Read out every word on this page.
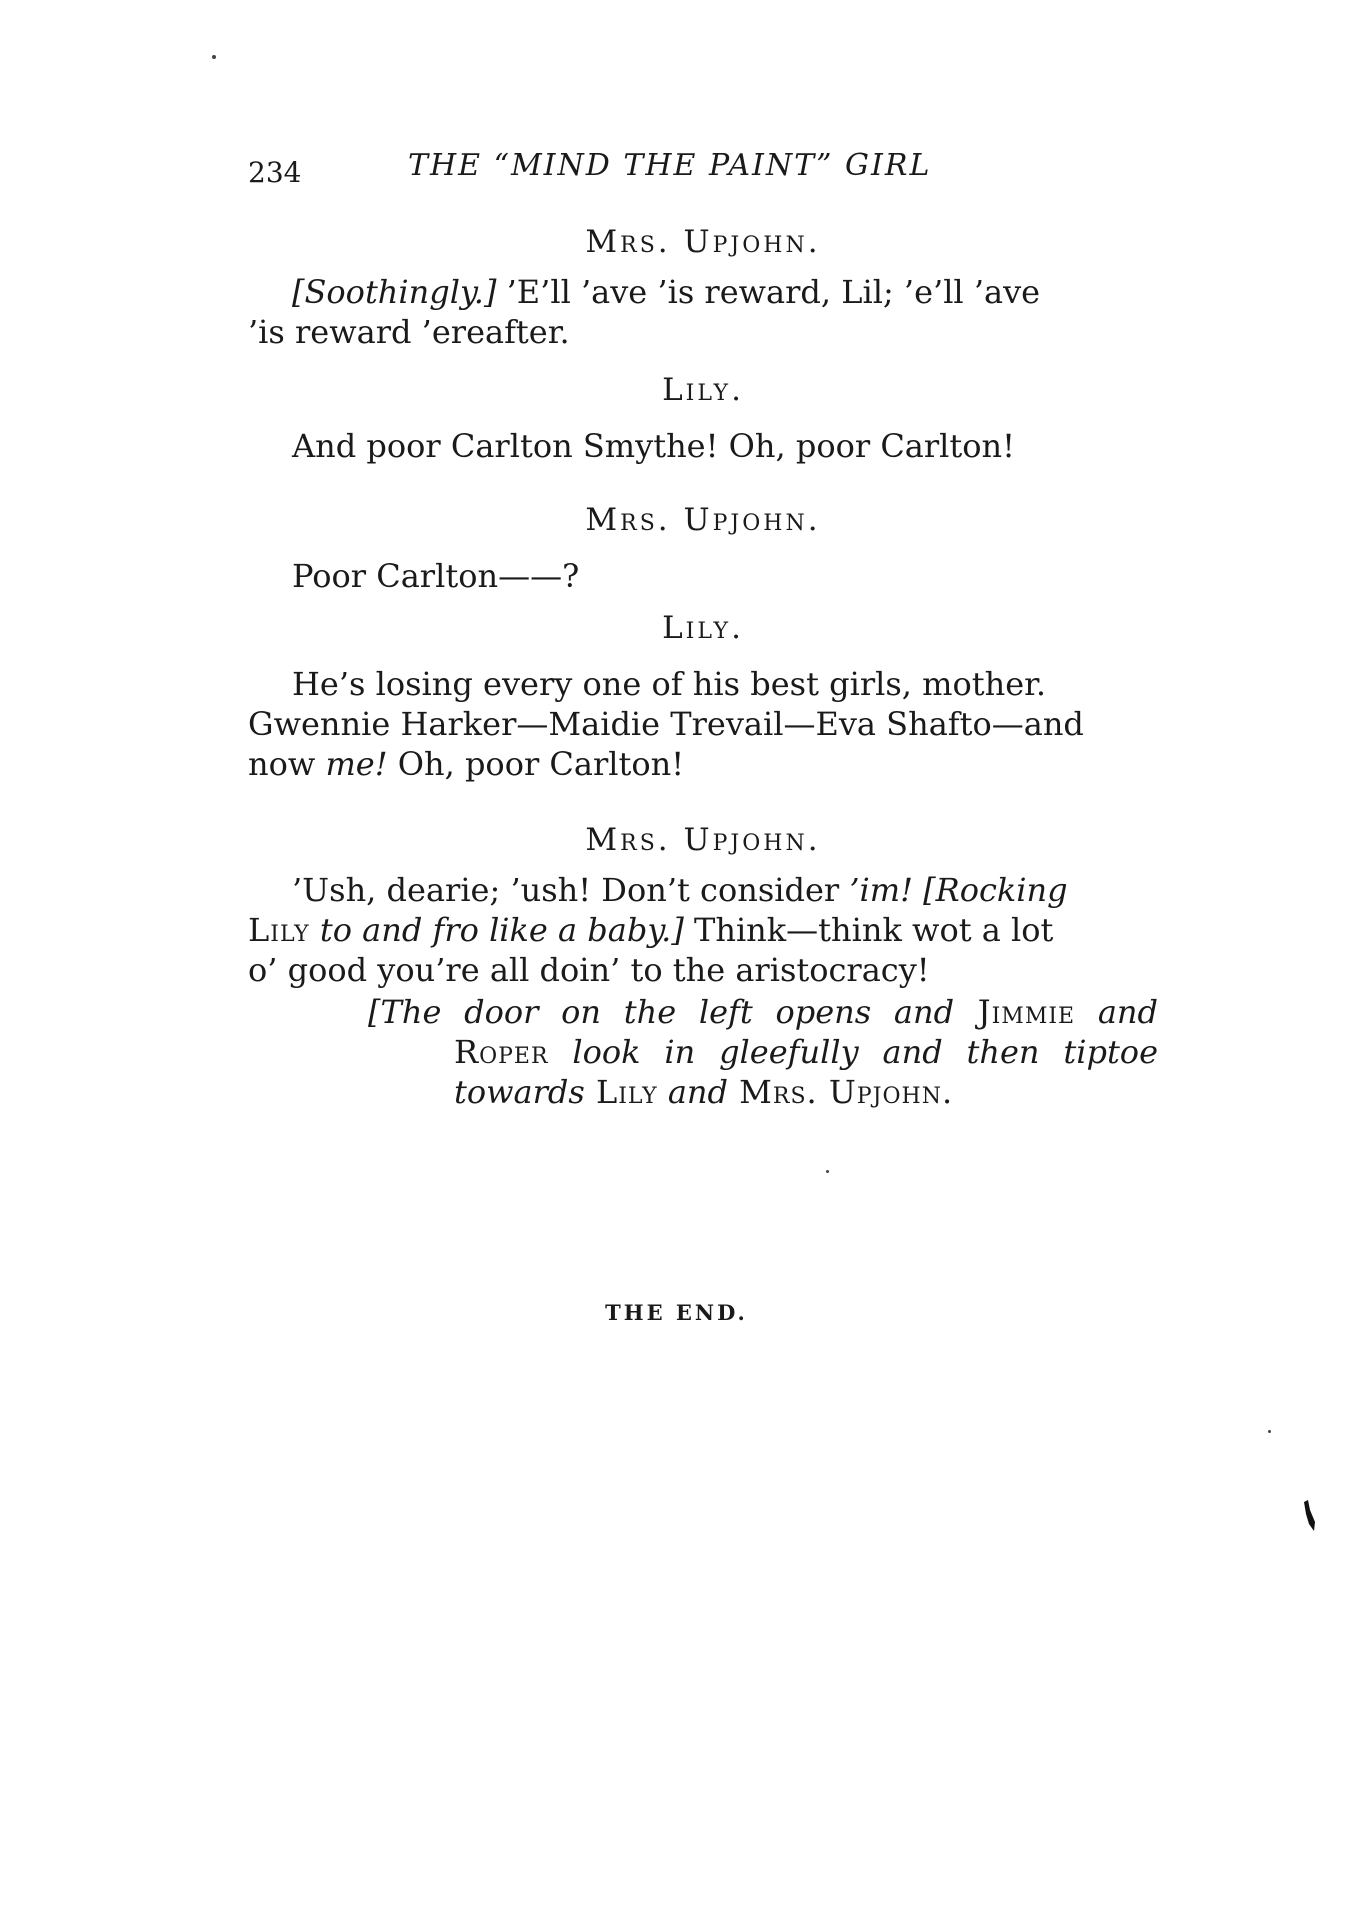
234	THE “MIND THE PAINT” GIRL
Mrs. Upjohn.
[Soothingly.] ’E’ll ’ave ’is reward, Lil; ’e’ll ’ave
’is reward ’ereafter.
Lily.
And poor Carlton Smythe! Oh, poor Carlton!
Mrs. Upjohn.
Poor Carlton——?
Lily.
He’s losing every one of his best girls, mother.
Gwennie Harker—Maidie Trevail—Eva Shafto—and
now me! Oh, poor Carlton!
Mrs. Upjohn.
’Ush, dearie; ’ush! Don’t consider ’im! [Rocking
Lily to and fro like a baby.] Think—think wot a lot
o’ good you’re all doin’ to the aristocracy!
[The door on the left opens and Jimmie and
Roper look in gleefully and then tiptoe
towards Lily and Mrs. Upjohn.
THE END.
